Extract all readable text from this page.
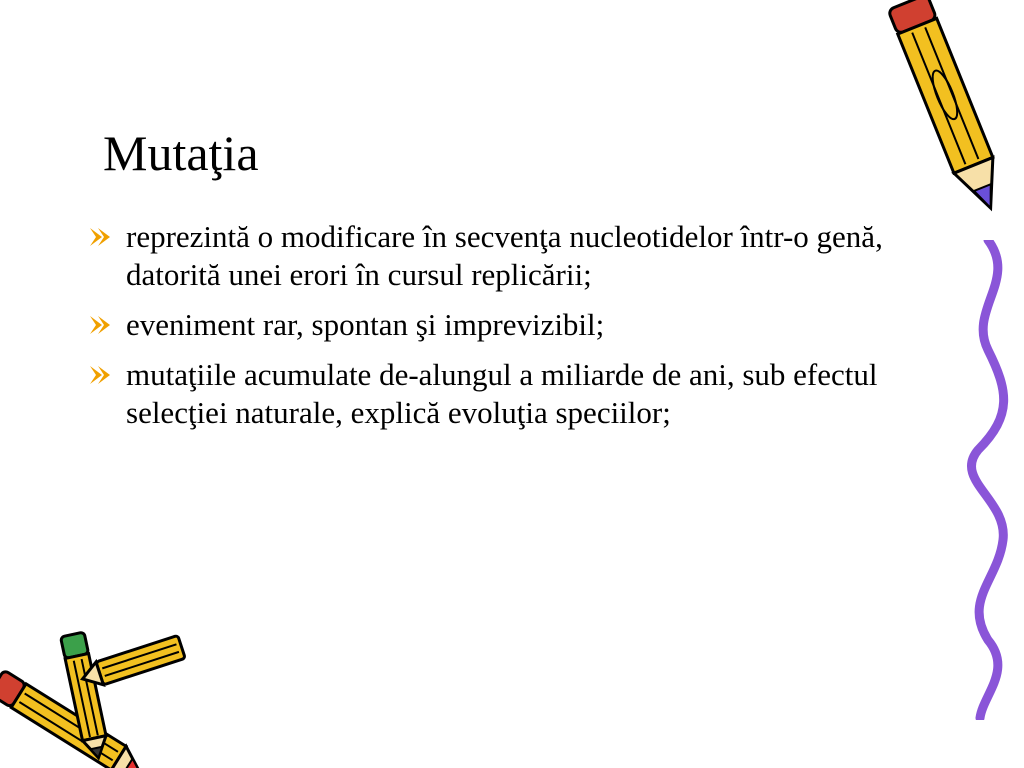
Mutaţia
reprezintă o modificare în secvenţa nucleotidelor într-o genă, datorită unei erori în cursul replicării;
eveniment rar, spontan şi imprevizibil;
mutaţiile acumulate de-alungul a miliarde de ani, sub efectul selecţiei naturale, explică evoluţia speciilor;
